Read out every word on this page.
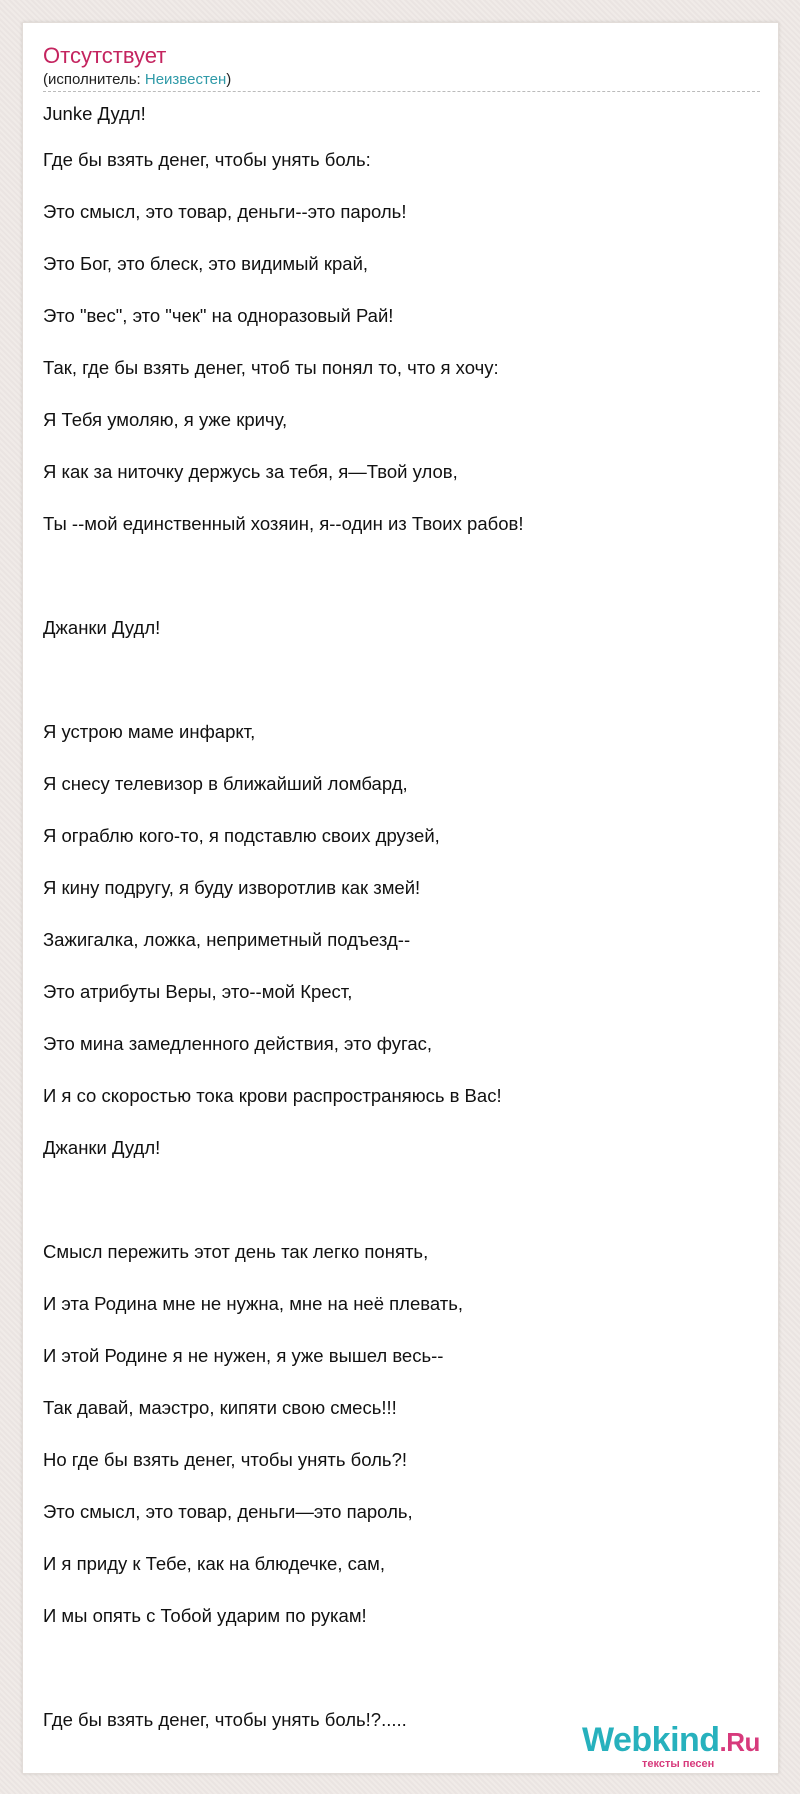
Отсутствует
(исполнитель: Неизвестен)
Junke Дудл!
Где бы взять денег, чтобы унять боль:
Это смысл, это товар, деньги--это пароль!
Это Бог, это блеск, это видимый край,
Это "вес", это "чек" на одноразовый Рай!
Так, где бы взять денег, чтоб ты понял то, что я хочу:
Я Тебя умоляю, я уже кричу,
Я как за ниточку держусь за тебя, я—Твой улов,
Ты --мой единственный хозяин, я--один из Твоих рабов!
Джанки Дудл!
Я устрою маме инфаркт,
Я снесу телевизор в ближайший ломбард,
Я ограблю кого-то, я подставлю своих друзей,
Я кину подругу, я буду изворотлив как змей!
Зажигалка, ложка, неприметный подъезд--
Это атрибуты Веры, это--мой Крест,
Это мина замедленного действия, это фугас,
И я со скоростью тока крови распространяюсь в Вас!
Джанки Дудл!
Смысл пережить этот день так легко понять,
И эта Родина мне не нужна, мне на неё плевать,
И этой Родине я не нужен, я уже вышел весь--
Так давай, маэстро, кипяти свою смесь!!!
Но где бы взять денег, чтобы унять боль?!
Это смысл, это товар, деньги—это пароль,
И я приду к Тебе, как на блюдечке, сам,
И мы опять с Тобой ударим по рукам!
Где бы взять денег, чтобы унять боль!?.....
Webkind.Ru
тексты песен
